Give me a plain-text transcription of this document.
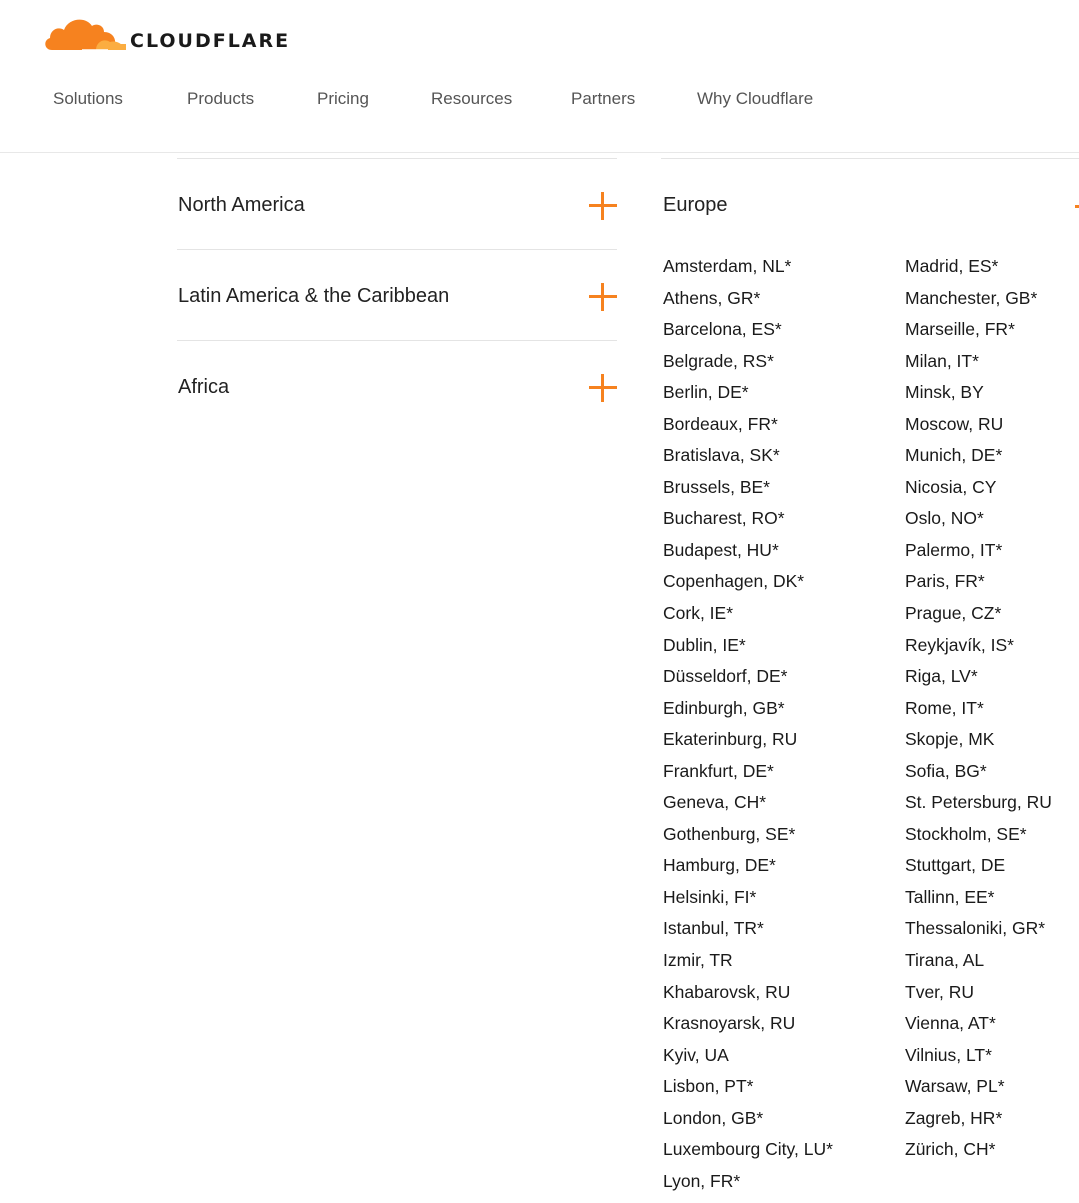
CLOUDFLARE
Solutions	Products	Pricing	Resources	Partners	Why Cloudflare
North America
Latin America & the Caribbean
Africa
Europe
Amsterdam, NL*
Athens, GR*
Barcelona, ES*
Belgrade, RS*
Berlin, DE*
Bordeaux, FR*
Bratislava, SK*
Brussels, BE*
Bucharest, RO*
Budapest, HU*
Copenhagen, DK*
Cork, IE*
Dublin, IE*
Düsseldorf, DE*
Edinburgh, GB*
Ekaterinburg, RU
Frankfurt, DE*
Geneva, CH*
Gothenburg, SE*
Hamburg, DE*
Helsinki, FI*
Istanbul, TR*
Izmir, TR
Khabarovsk, RU
Krasnoyarsk, RU
Kyiv, UA
Lisbon, PT*
London, GB*
Luxembourg City, LU*
Lyon, FR*
Madrid, ES*
Manchester, GB*
Marseille, FR*
Milan, IT*
Minsk, BY
Moscow, RU
Munich, DE*
Nicosia, CY
Oslo, NO*
Palermo, IT*
Paris, FR*
Prague, CZ*
Reykjavík, IS*
Riga, LV*
Rome, IT*
Skopje, MK
Sofia, BG*
St. Petersburg, RU
Stockholm, SE*
Stuttgart, DE
Tallinn, EE*
Thessaloniki, GR*
Tirana, AL
Tver, RU
Vienna, AT*
Vilnius, LT*
Warsaw, PL*
Zagreb, HR*
Zürich, CH*
